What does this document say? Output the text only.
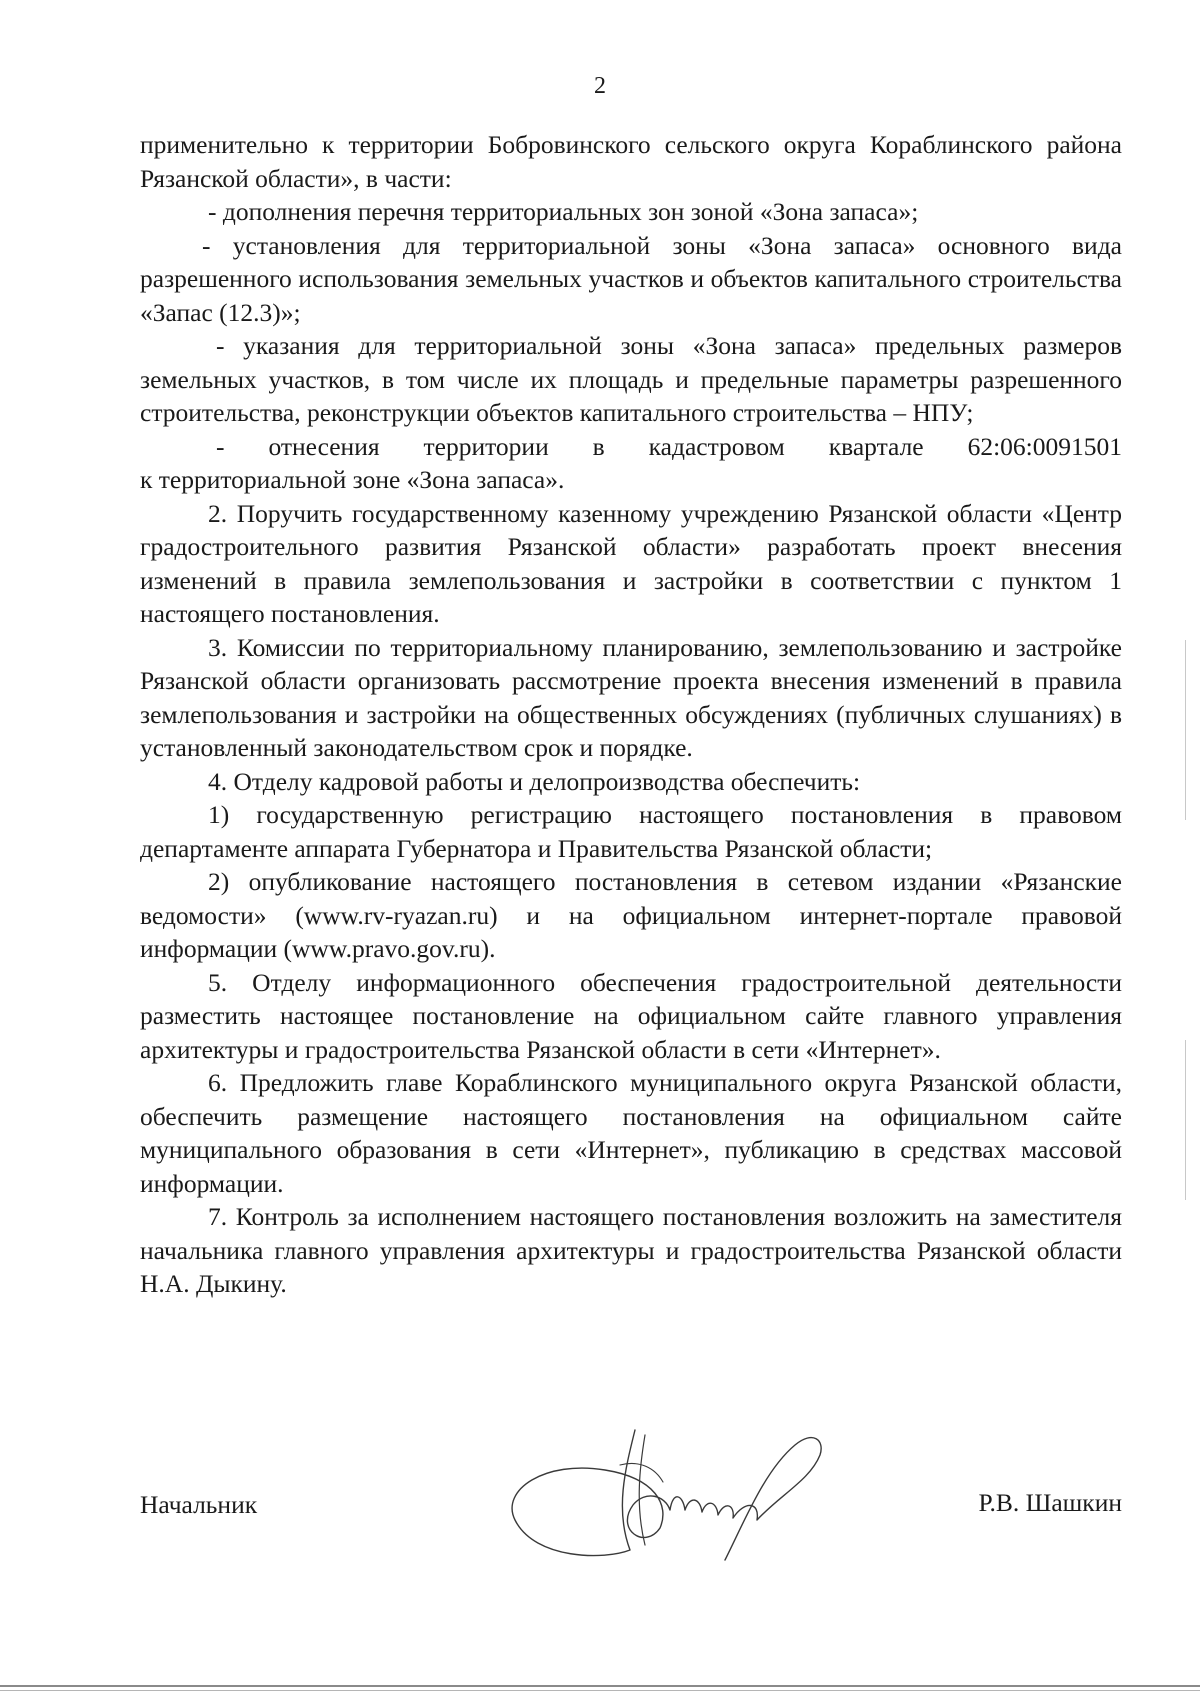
2

применительно к территории Бобровинского сельского округа Кораблинского района Рязанской области», в части:

- дополнения перечня территориальных зон зоной «Зона запаса»;

- установления для территориальной зоны «Зона запаса» основного вида разрешенного использования земельных участков и объектов капитального строительства «Запас (12.3)»;

- указания для территориальной зоны «Зона запаса» предельных размеров земельных участков, в том числе их площадь и предельные параметры разрешенного строительства, реконструкции объектов капитального строительства – НПУ;

- отнесения территории в кадастровом квартале 62:06:0091501

к территориальной зоне «Зона запаса».

2. Поручить государственному казенному учреждению Рязанской области «Центр градостроительного развития Рязанской области» разработать проект внесения изменений в правила землепользования и застройки в соответствии с пунктом 1 настоящего постановления.

3. Комиссии по территориальному планированию, землепользованию и застройке Рязанской области организовать рассмотрение проекта внесения изменений в правила землепользования и застройки на общественных обсуждениях (публичных слушаниях) в установленный законодательством срок и порядке.

4. Отделу кадровой работы и делопроизводства обеспечить:

1) государственную регистрацию настоящего постановления в правовом департаменте аппарата Губернатора и Правительства Рязанской области;

2) опубликование настоящего постановления в сетевом издании «Рязанские ведомости» (www.rv-ryazan.ru) и на официальном интернет-портале правовой информации (www.pravo.gov.ru).

5. Отделу информационного обеспечения градостроительной деятельности разместить настоящее постановление на официальном сайте главного управления архитектуры и градостроительства Рязанской области в сети «Интернет».

6. Предложить главе Кораблинского муниципального округа Рязанской области, обеспечить размещение настоящего постановления на официальном сайте муниципального образования в сети «Интернет», публикацию в средствах массовой информации.

7. Контроль за исполнением настоящего постановления возложить на заместителя начальника главного управления архитектуры и градостроительства Рязанской области Н.А. Дыкину.

Начальник	Р.В. Шашкин
